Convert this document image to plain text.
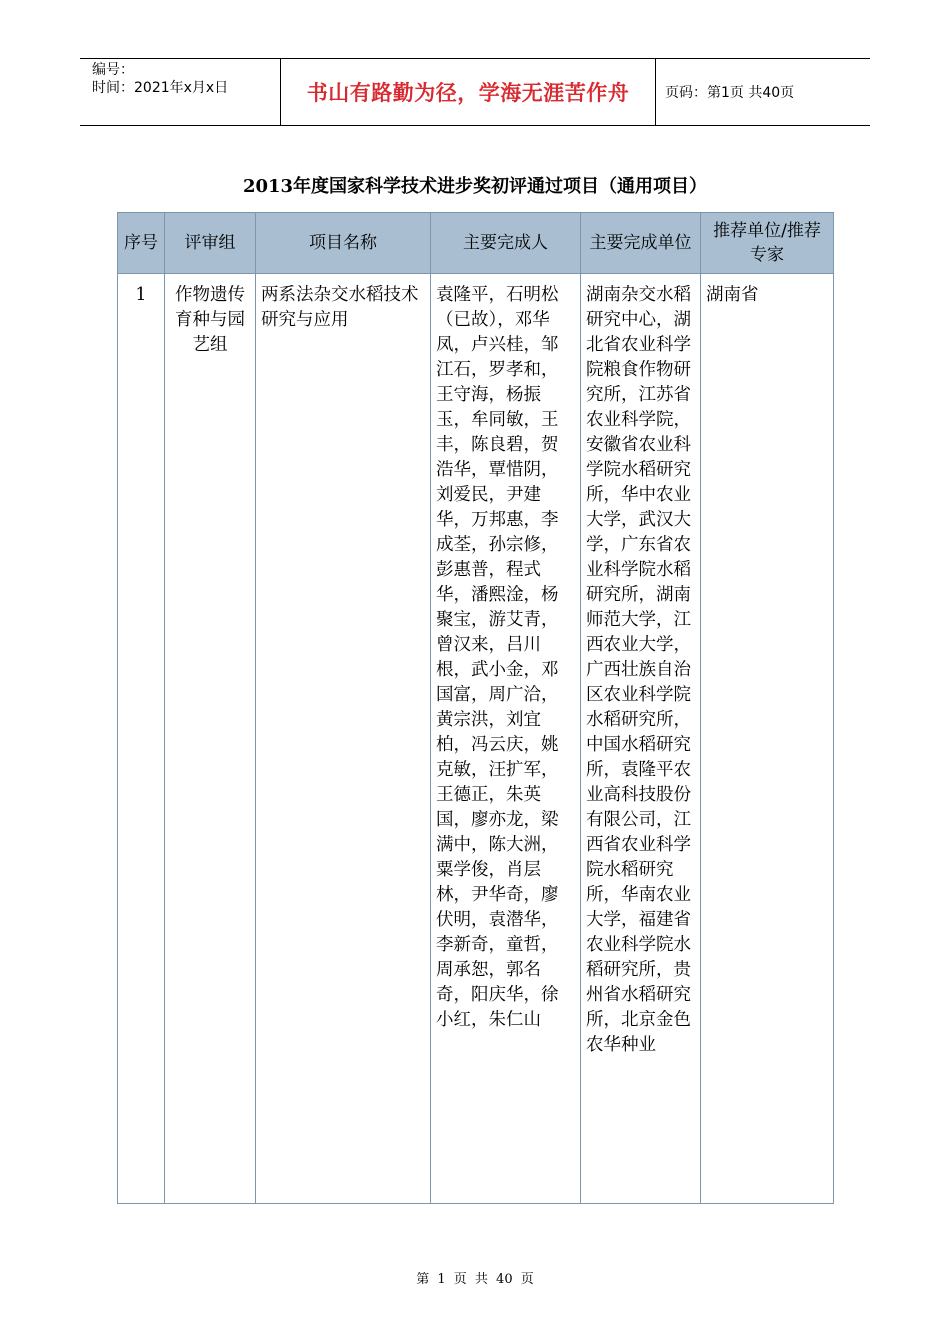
编号：
时间：2021年x月x日	书山有路勤为径，学海无涯苦作舟	页码：第1页 共40页
2013年度国家科学技术进步奖初评通过项目（通用项目）
序号	评审组	项目名称	主要完成人	主要完成单位	推荐单位/推荐专家

1	作物遗传育种与园艺组	两系法杂交水稻技术研究与应用	袁隆平，石明松（已故），邓华凤，卢兴桂，邹江石，罗孝和，王守海，杨振玉，牟同敏，王丰，陈良碧，贺浩华，覃惜阴，刘爱民，尹建华，万邦惠，李成荃，孙宗修，彭惠普，程式华，潘熙淦，杨聚宝，游艾青，曾汉来，吕川根，武小金，邓国富，周广洽，黄宗洪，刘宜柏，冯云庆，姚克敏，汪扩军，王德正，朱英国，廖亦龙，梁满中，陈大洲，粟学俊，肖层林，尹华奇，廖伏明，袁潜华，李新奇，童哲，周承恕，郭名奇，阳庆华，徐小红，朱仁山	湖南杂交水稻研究中心，湖北省农业科学院粮食作物研究所，江苏省农业科学院，安徽省农业科学院水稻研究所，华中农业大学，武汉大学，广东省农业科学院水稻研究所，湖南师范大学，江西农业大学，广西壮族自治区农业科学院水稻研究所，中国水稻研究所，袁隆平农业高科技股份有限公司，江西省农业科学院水稻研究所，华南农业大学，福建省农业科学院水稻研究所，贵州省水稻研究所，北京金色农华种业	湖南省
第 1 页 共 40 页
